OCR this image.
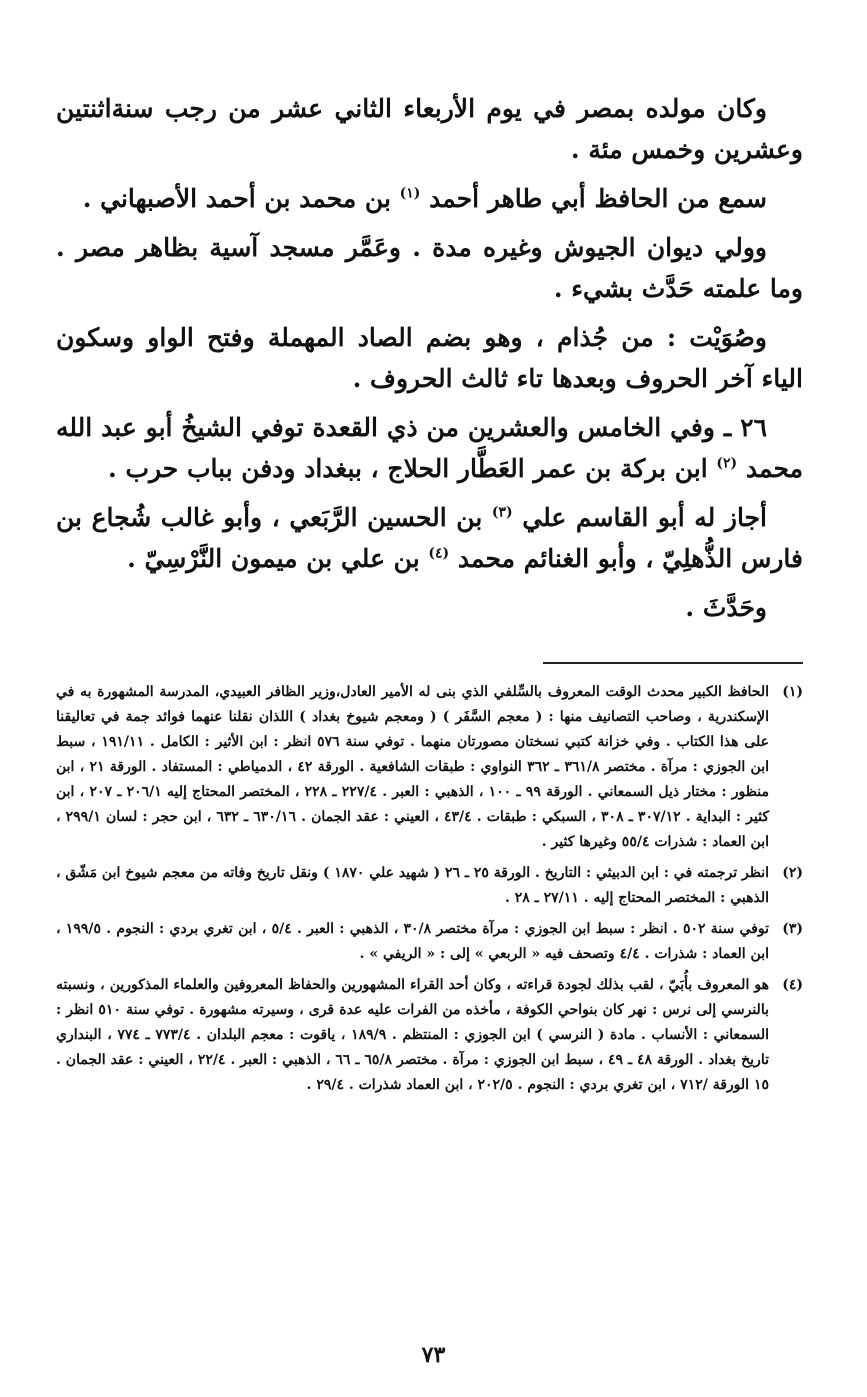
وكان مولده بمصر في يوم الأربعاء الثاني عشر من رجب سنةاثنتين وعشرين وخمس مئة .

سمع من الحافظ أبي طاهر أحمد $^{(١)}$ بن محمد بن أحمد الأصبهاني .

وولي ديوان الجيوش وغيره مدة . وعَمَّر مسجد آسية بظاهر مصر . وما علمته حَدَّث بشيء .

وصُوَيْت : من جُذام ، وهو بضم الصاد المهملة وفتح الواو وسكون الياء آخر الحروف وبعدها تاء ثالث الحروف .

٢٦ ـ وفي الخامس والعشرين من ذي القعدة توفي الشيخُ أبو عبد الله محمد $^{(٢)}$ ابن بركة بن عمر العَطَّار الحلاج ، ببغداد ودفن بباب حرب .

أجاز له أبو القاسم علي $^{(٣)}$ بن الحسين الرَّبَعي ، وأبو غالب شُجاع بن فارس الذُّهلِيّ ، وأبو الغنائم محمد $^{(٤)}$ بن علي بن ميمون النَّرْسِيّ .

وحَدَّثَ .

(١)
الحافظ الكبير محدث الوقت المعروف بالسِّلفي الذي بنى له الأمير العادل،وزير الظافر العبيدي، المدرسة المشهورة به في الإسكندرية ، وصاحب التصانيف منها : ( معجم السَّفَر ) ( ومعجم شيوخ بغداد ) اللذان نقلنا عنهما فوائد جمة في تعاليقنا على هذا الكتاب . وفي خزانة كتبي نسختان مصورتان منهما . توفي سنة ٥٧٦ انظر : ابن الأثير : الكامل . ١٩١/١١ ، سبط ابن الجوزي : مرآة . مختصر ٣٦١/٨ ـ ٣٦٢ النواوي : طبقات الشافعية . الورقة ٤٢ ، الدمياطي : المستفاد . الورقة ٢١ ، ابن منظور : مختار ذيل السمعاني . الورقة ٩٩ ـ ١٠٠ ، الذهبي : العبر . ٢٢٧/٤ ـ ٢٢٨ ، المختصر المحتاج إليه ٢٠٦/١ ـ ٢٠٧ ، ابن كثير : البداية . ٣٠٧/١٢ ـ ٣٠٨ ، السبكي : طبقات . ٤٣/٤ ، العيني : عقد الجمان . ٦٣٠/١٦ ـ ٦٣٢ ، ابن حجر : لسان ٢٩٩/١ ، ابن العماد : شذرات ٥٥/٤ وغيرها كثير .
(٢)
انظر ترجمته في : ابن الدبيثي : التاريخ . الورقة ٢٥ ـ ٢٦ ( شهيد علي ١٨٧٠ ) ونقل تاريخ وفاته من معجم شيوخ ابن مَشّق ، الذهبي : المختصر المحتاج إليه . ٢٧/١١ ـ ٢٨ .
(٣)
توفي سنة ٥٠٢ . انظر : سبط ابن الجوزي : مرآة مختصر ٣٠/٨ ، الذهبي : العبر . ٥/٤ ، ابن تغري بردي : النجوم . ١٩٩/٥ ، ابن العماد : شذرات . ٤/٤ وتصحف فيه « الربعي » إلى : « الريفي » .
(٤)
هو المعروف بأُبَيّ ، لقب بذلك لجودة قراءته ، وكان أحد القراء المشهورين والحفاظ المعروفين والعلماء المذكورين ، ونسبته بالنرسي إلى نرس : نهر كان بنواحي الكوفة ، مأخذه من الفرات عليه عدة قرى ، وسيرته مشهورة . توفي سنة ٥١٠ انظر : السمعاني : الأنساب . مادة ( النرسي ) ابن الجوزي : المنتظم . ١٨٩/٩ ، ياقوت : معجم البلدان . ٧٧٣/٤ ـ ٧٧٤ ، البنداري تاريخ بغداد . الورقة ٤٨ ـ ٤٩ ، سبط ابن الجوزي : مرآة . مختصر ٦٥/٨ ـ ٦٦ ، الذهبي : العبر . ٢٢/٤ ، العيني : عقد الجمان . ١٥ الورقة /٧١٢ ، ابن تغري بردي : النجوم . ٢٠٢/٥ ، ابن العماد شذرات . ٢٩/٤ .
٧٣
